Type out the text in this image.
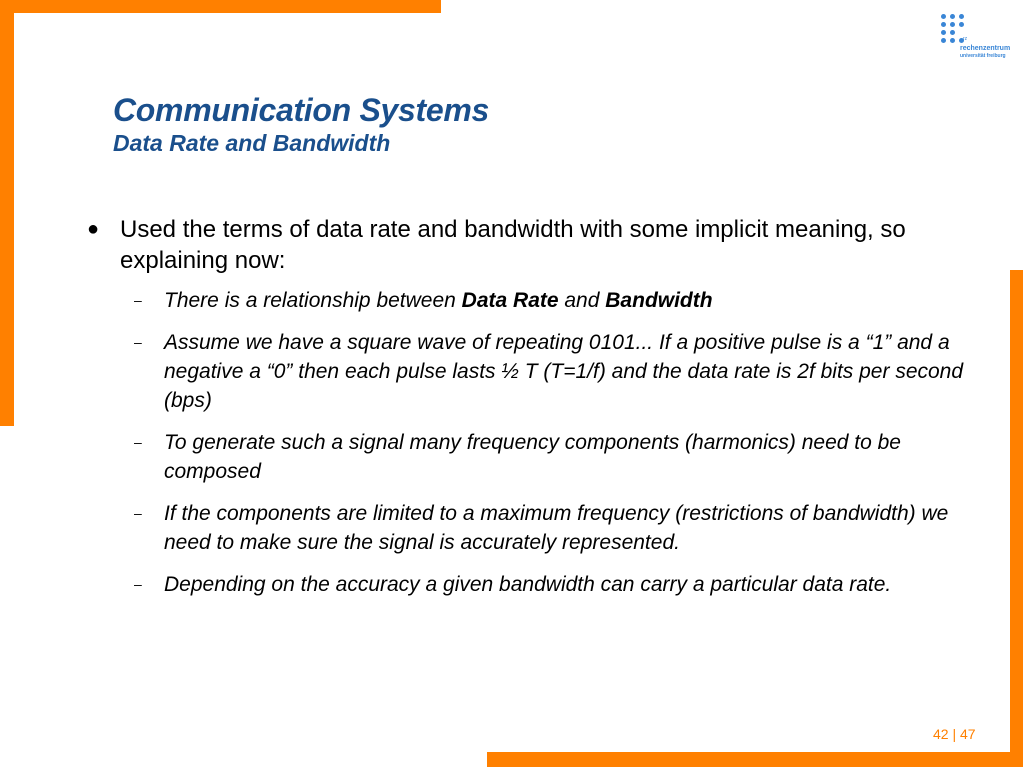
rz
rechenzentrum
universität freiburg
Communication Systems
Data Rate and Bandwidth
● Used the terms of data rate and bandwidth with some implicit meaning, so explaining now:
– There is a relationship between Data Rate and Bandwidth
– Assume we have a square wave of repeating 0101... If a positive pulse is a “1” and a negative a “0” then each pulse lasts ½ T (T=1/f) and the data rate is 2f bits per second (bps)
– To generate such a signal many frequency components (harmonics) need to be composed
– If the components are limited to a maximum frequency (restrictions of bandwidth) we need to make sure the signal is accurately represented.
– Depending on the accuracy a given bandwidth can carry a particular data rate.
42 | 47
